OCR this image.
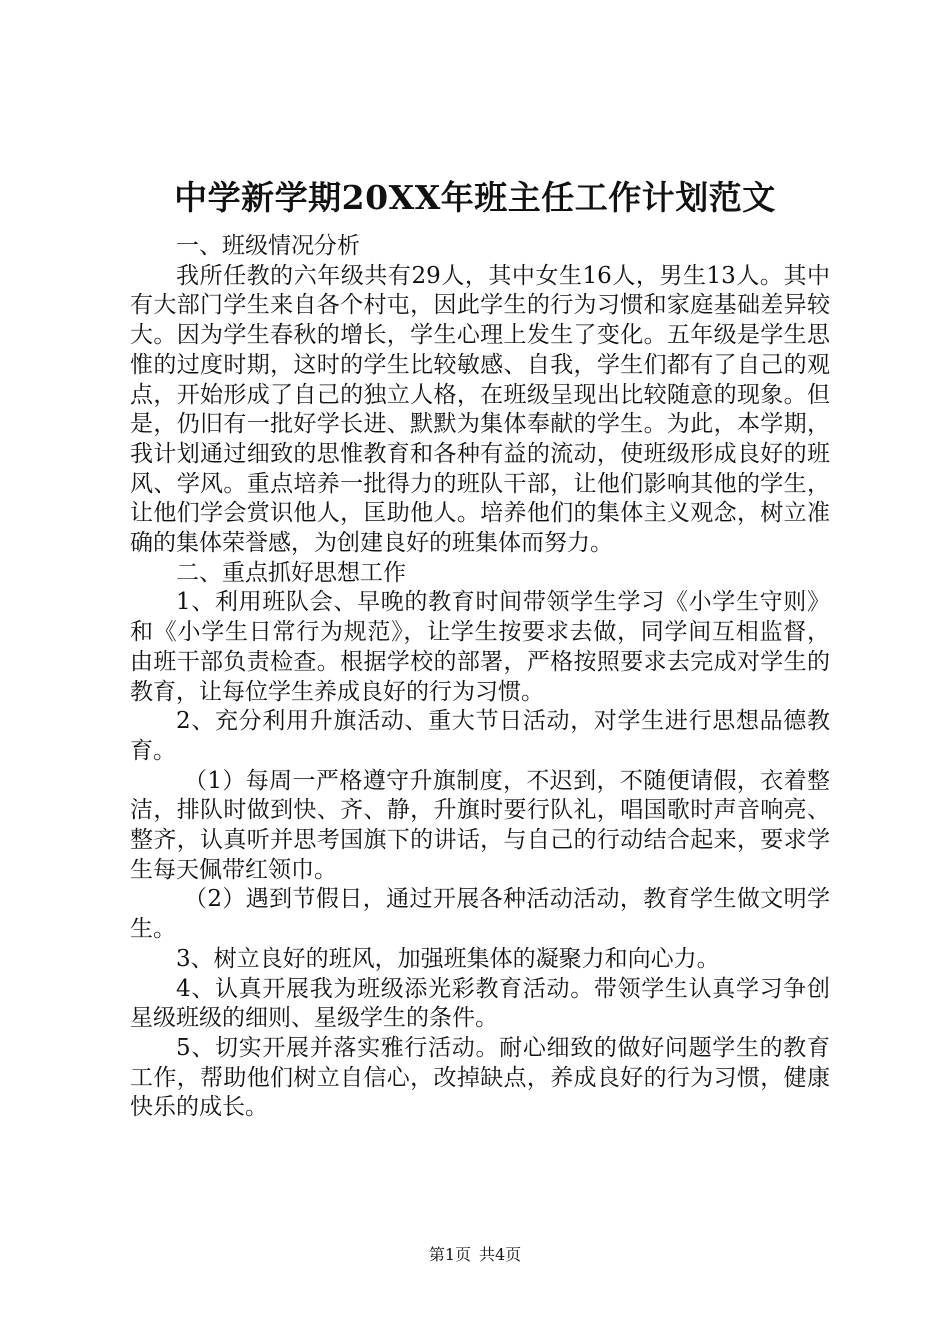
中学新学期20XX年班主任工作计划范文

一、班级情况分析

我所任教的六年级共有29人，其中女生16人，男生13人。其中有大部门学生来自各个村屯，因此学生的行为习惯和家庭基础差异较大。因为学生春秋的增长，学生心理上发生了变化。五年级是学生思惟的过度时期，这时的学生比较敏感、自我，学生们都有了自己的观点，开始形成了自己的独立人格，在班级呈现出比较随意的现象。但是，仍旧有一批好学长进、默默为集体奉献的学生。为此，本学期，我计划通过细致的思惟教育和各种有益的流动，使班级形成良好的班风、学风。重点培养一批得力的班队干部，让他们影响其他的学生，让他们学会赏识他人，匡助他人。培养他们的集体主义观念，树立准确的集体荣誉感，为创建良好的班集体而努力。

二、重点抓好思想工作

1、利用班队会、早晚的教育时间带领学生学习《小学生守则》和《小学生日常行为规范》，让学生按要求去做，同学间互相监督，由班干部负责检查。根据学校的部署，严格按照要求去完成对学生的教育，让每位学生养成良好的行为习惯。

2、充分利用升旗活动、重大节日活动，对学生进行思想品德教育。

（1）每周一严格遵守升旗制度，不迟到，不随便请假，衣着整洁，排队时做到快、齐、静，升旗时要行队礼，唱国歌时声音响亮、整齐，认真听并思考国旗下的讲话，与自己的行动结合起来，要求学生每天佩带红领巾。

（2）遇到节假日，通过开展各种活动活动，教育学生做文明学生。

3、树立良好的班风，加强班集体的凝聚力和向心力。

4、认真开展我为班级添光彩教育活动。带领学生认真学习争创星级班级的细则、星级学生的条件。

5、切实开展并落实雅行活动。耐心细致的做好问题学生的教育工作，帮助他们树立自信心，改掉缺点，养成良好的行为习惯，健康快乐的成长。

第1页 共4页
